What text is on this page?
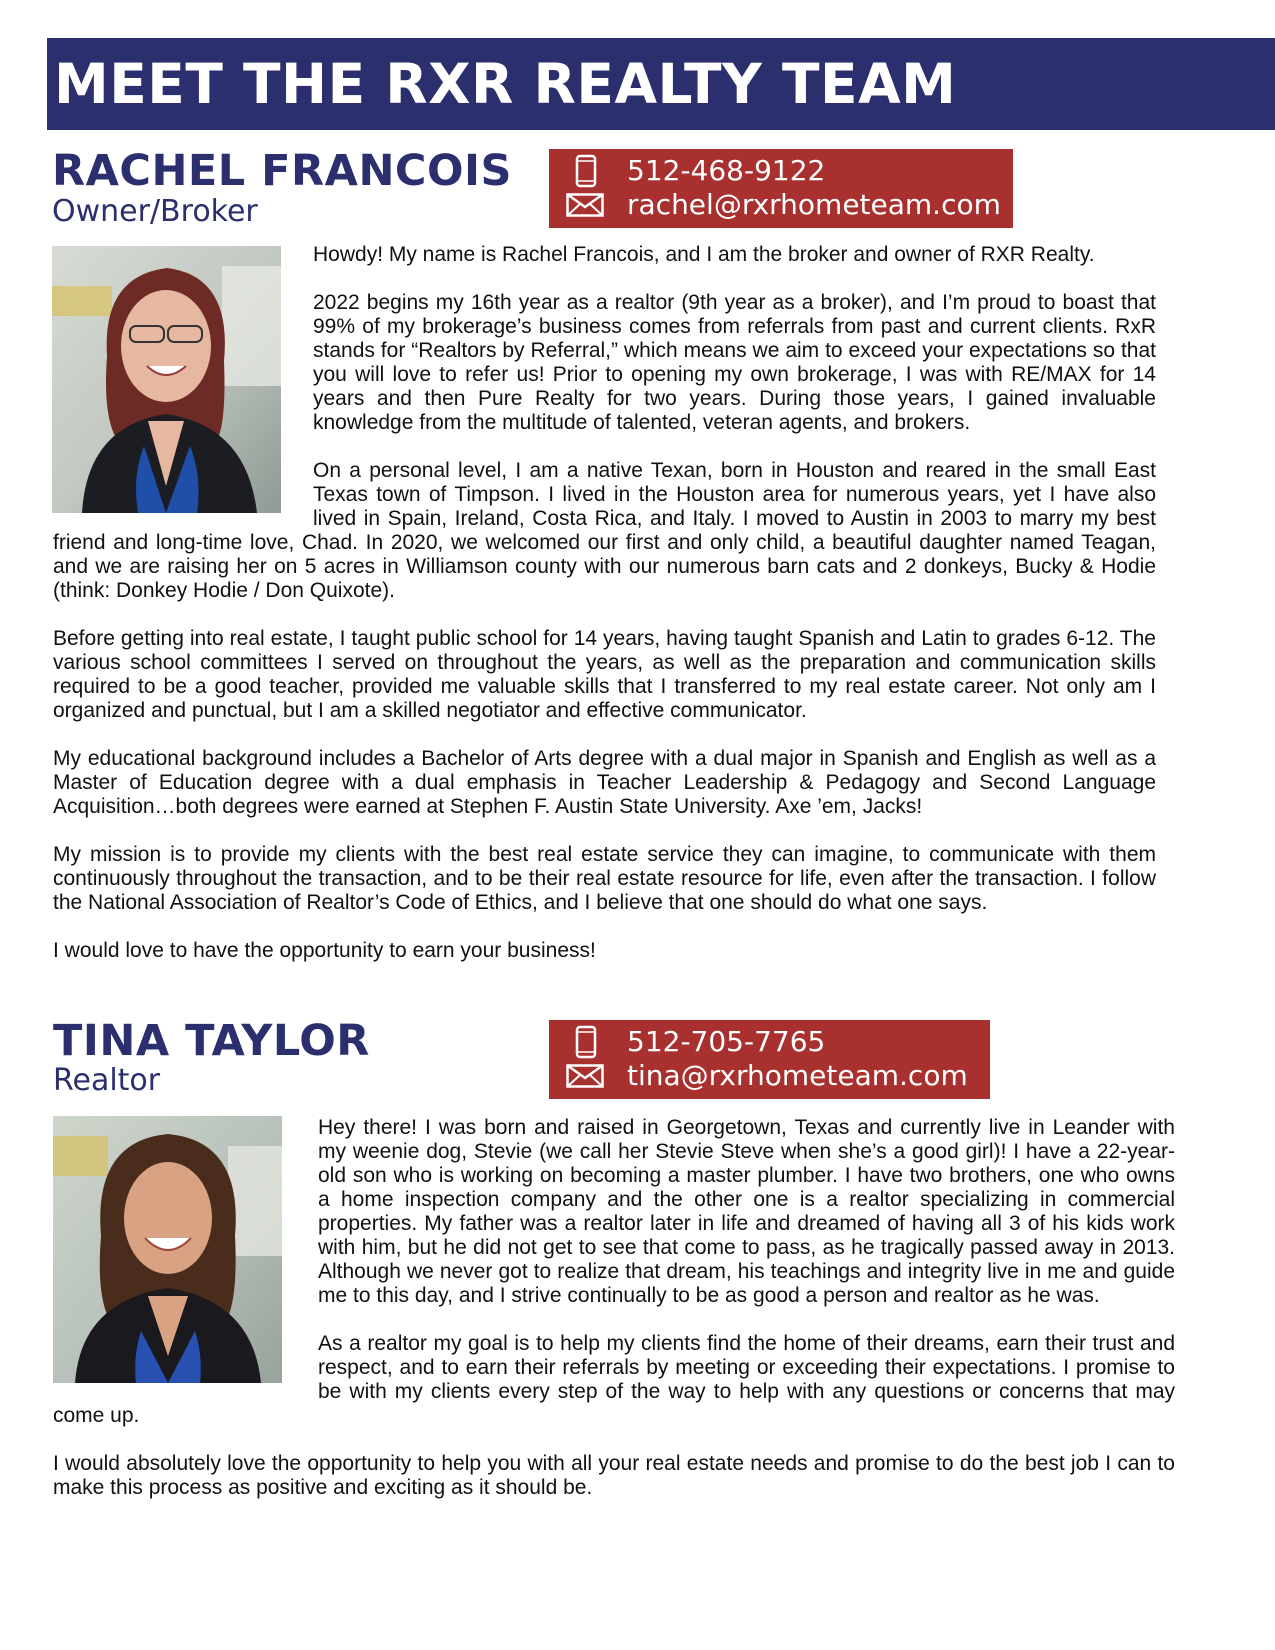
MEET THE RXR REALTY TEAM
RACHEL FRANCOIS
Owner/Broker
512-468-9122
rachel@rxrhometeam.com

Howdy! My name is Rachel Francois, and I am the broker and owner of RXR Realty.

2022 begins my 16th year as a realtor (9th year as a broker), and I’m proud to boast that 99% of my brokerage’s business comes from referrals from past and current clients. RxR stands for “Realtors by Referral,” which means we aim to exceed your expectations so that you will love to refer us! Prior to opening my own brokerage, I was with RE/MAX for 14 years and then Pure Realty for two years. During those years, I gained invaluable knowledge from the multitude of talented, veteran agents, and brokers.

On a personal level, I am a native Texan, born in Houston and reared in the small East Texas town of Timpson. I lived in the Houston area for numerous years, yet I have also lived in Spain, Ireland, Costa Rica, and Italy. I moved to Austin in 2003 to marry my best friend and long-time love, Chad. In 2020, we welcomed our first and only child, a beautiful daughter named Teagan, and we are raising her on 5 acres in Williamson county with our numerous barn cats and 2 donkeys, Bucky & Hodie (think: Donkey Hodie / Don Quixote).

Before getting into real estate, I taught public school for 14 years, having taught Spanish and Latin to grades 6-12. The various school committees I served on throughout the years, as well as the preparation and communication skills required to be a good teacher, provided me valuable skills that I transferred to my real estate career. Not only am I organized and punctual, but I am a skilled negotiator and effective communicator.

My educational background includes a Bachelor of Arts degree with a dual major in Spanish and English as well as a Master of Education degree with a dual emphasis in Teacher Leadership & Pedagogy and Second Language Acquisition…both degrees were earned at Stephen F. Austin State University. Axe ’em, Jacks!

My mission is to provide my clients with the best real estate service they can imagine, to communicate with them continuously throughout the transaction, and to be their real estate resource for life, even after the transaction. I follow the National Association of Realtor’s Code of Ethics, and I believe that one should do what one says.

I would love to have the opportunity to earn your business!

TINA TAYLOR
Realtor
512-705-7765
tina@rxrhometeam.com

Hey there! I was born and raised in Georgetown, Texas and currently live in Leander with my weenie dog, Stevie (we call her Stevie Steve when she’s a good girl)! I have a 22-year-old son who is working on becoming a master plumber. I have two brothers, one who owns a home inspection company and the other one is a realtor specializing in commercial properties. My father was a realtor later in life and dreamed of having all 3 of his kids work with him, but he did not get to see that come to pass, as he tragically passed away in 2013. Although we never got to realize that dream, his teachings and integrity live in me and guide me to this day, and I strive continually to be as good a person and realtor as he was.

As a realtor my goal is to help my clients find the home of their dreams, earn their trust and respect, and to earn their referrals by meeting or exceeding their expectations. I promise to be with my clients every step of the way to help with any questions or concerns that may come up.

I would absolutely love the opportunity to help you with all your real estate needs and promise to do the best job I can to make this process as positive and exciting as it should be.
